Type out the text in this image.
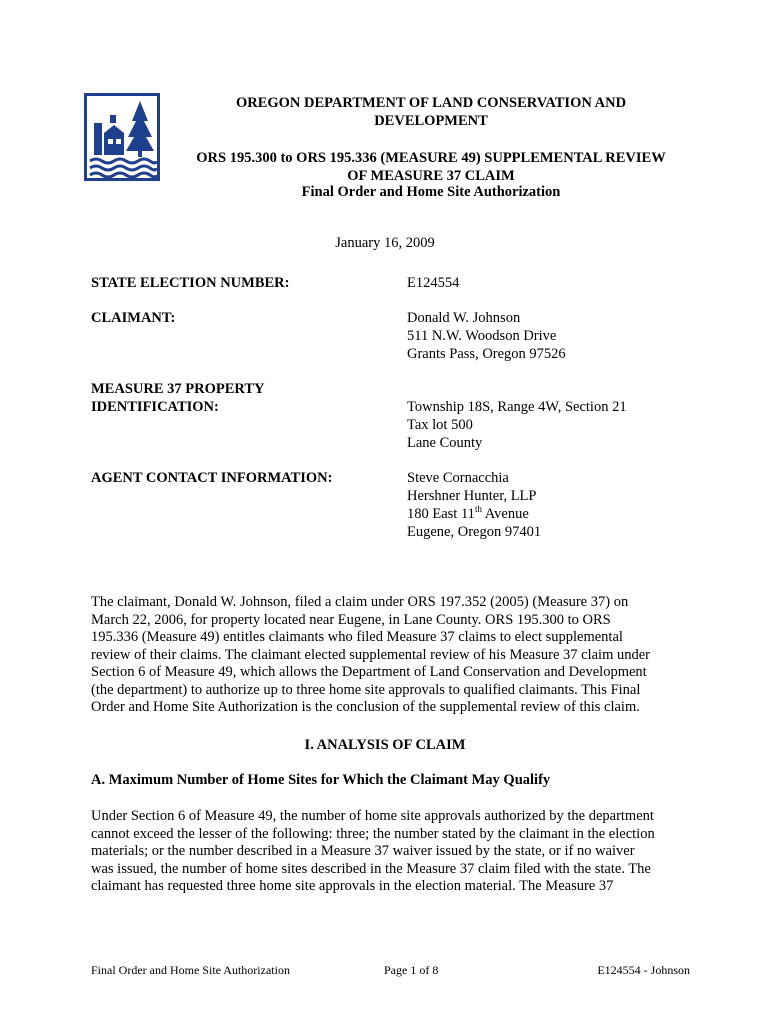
OREGON DEPARTMENT OF LAND CONSERVATION AND
DEVELOPMENT
ORS 195.300 to ORS 195.336 (MEASURE 49) SUPPLEMENTAL REVIEW
OF MEASURE 37 CLAIM
Final Order and Home Site Authorization
January 16, 2009
STATE ELECTION NUMBER:	E124554
CLAIMANT:	Donald W. Johnson
511 N.W. Woodson Drive
Grants Pass, Oregon 97526
MEASURE 37 PROPERTY
IDENTIFICATION:	Township 18S, Range 4W, Section 21
Tax lot 500
Lane County
AGENT CONTACT INFORMATION:	Steve Cornacchia
Hershner Hunter, LLP
180 East 11th Avenue
Eugene, Oregon 97401
The claimant, Donald W. Johnson, filed a claim under ORS 197.352 (2005) (Measure 37) on
March 22, 2006, for property located near Eugene, in Lane County. ORS 195.300 to ORS
195.336 (Measure 49) entitles claimants who filed Measure 37 claims to elect supplemental
review of their claims. The claimant elected supplemental review of his Measure 37 claim under
Section 6 of Measure 49, which allows the Department of Land Conservation and Development
(the department) to authorize up to three home site approvals to qualified claimants. This Final
Order and Home Site Authorization is the conclusion of the supplemental review of this claim.
I. ANALYSIS OF CLAIM
A. Maximum Number of Home Sites for Which the Claimant May Qualify
Under Section 6 of Measure 49, the number of home site approvals authorized by the department
cannot exceed the lesser of the following: three; the number stated by the claimant in the election
materials; or the number described in a Measure 37 waiver issued by the state, or if no waiver
was issued, the number of home sites described in the Measure 37 claim filed with the state. The
claimant has requested three home site approvals in the election material. The Measure 37
Final Order and Home Site Authorization	Page 1 of 8	E124554 - Johnson
